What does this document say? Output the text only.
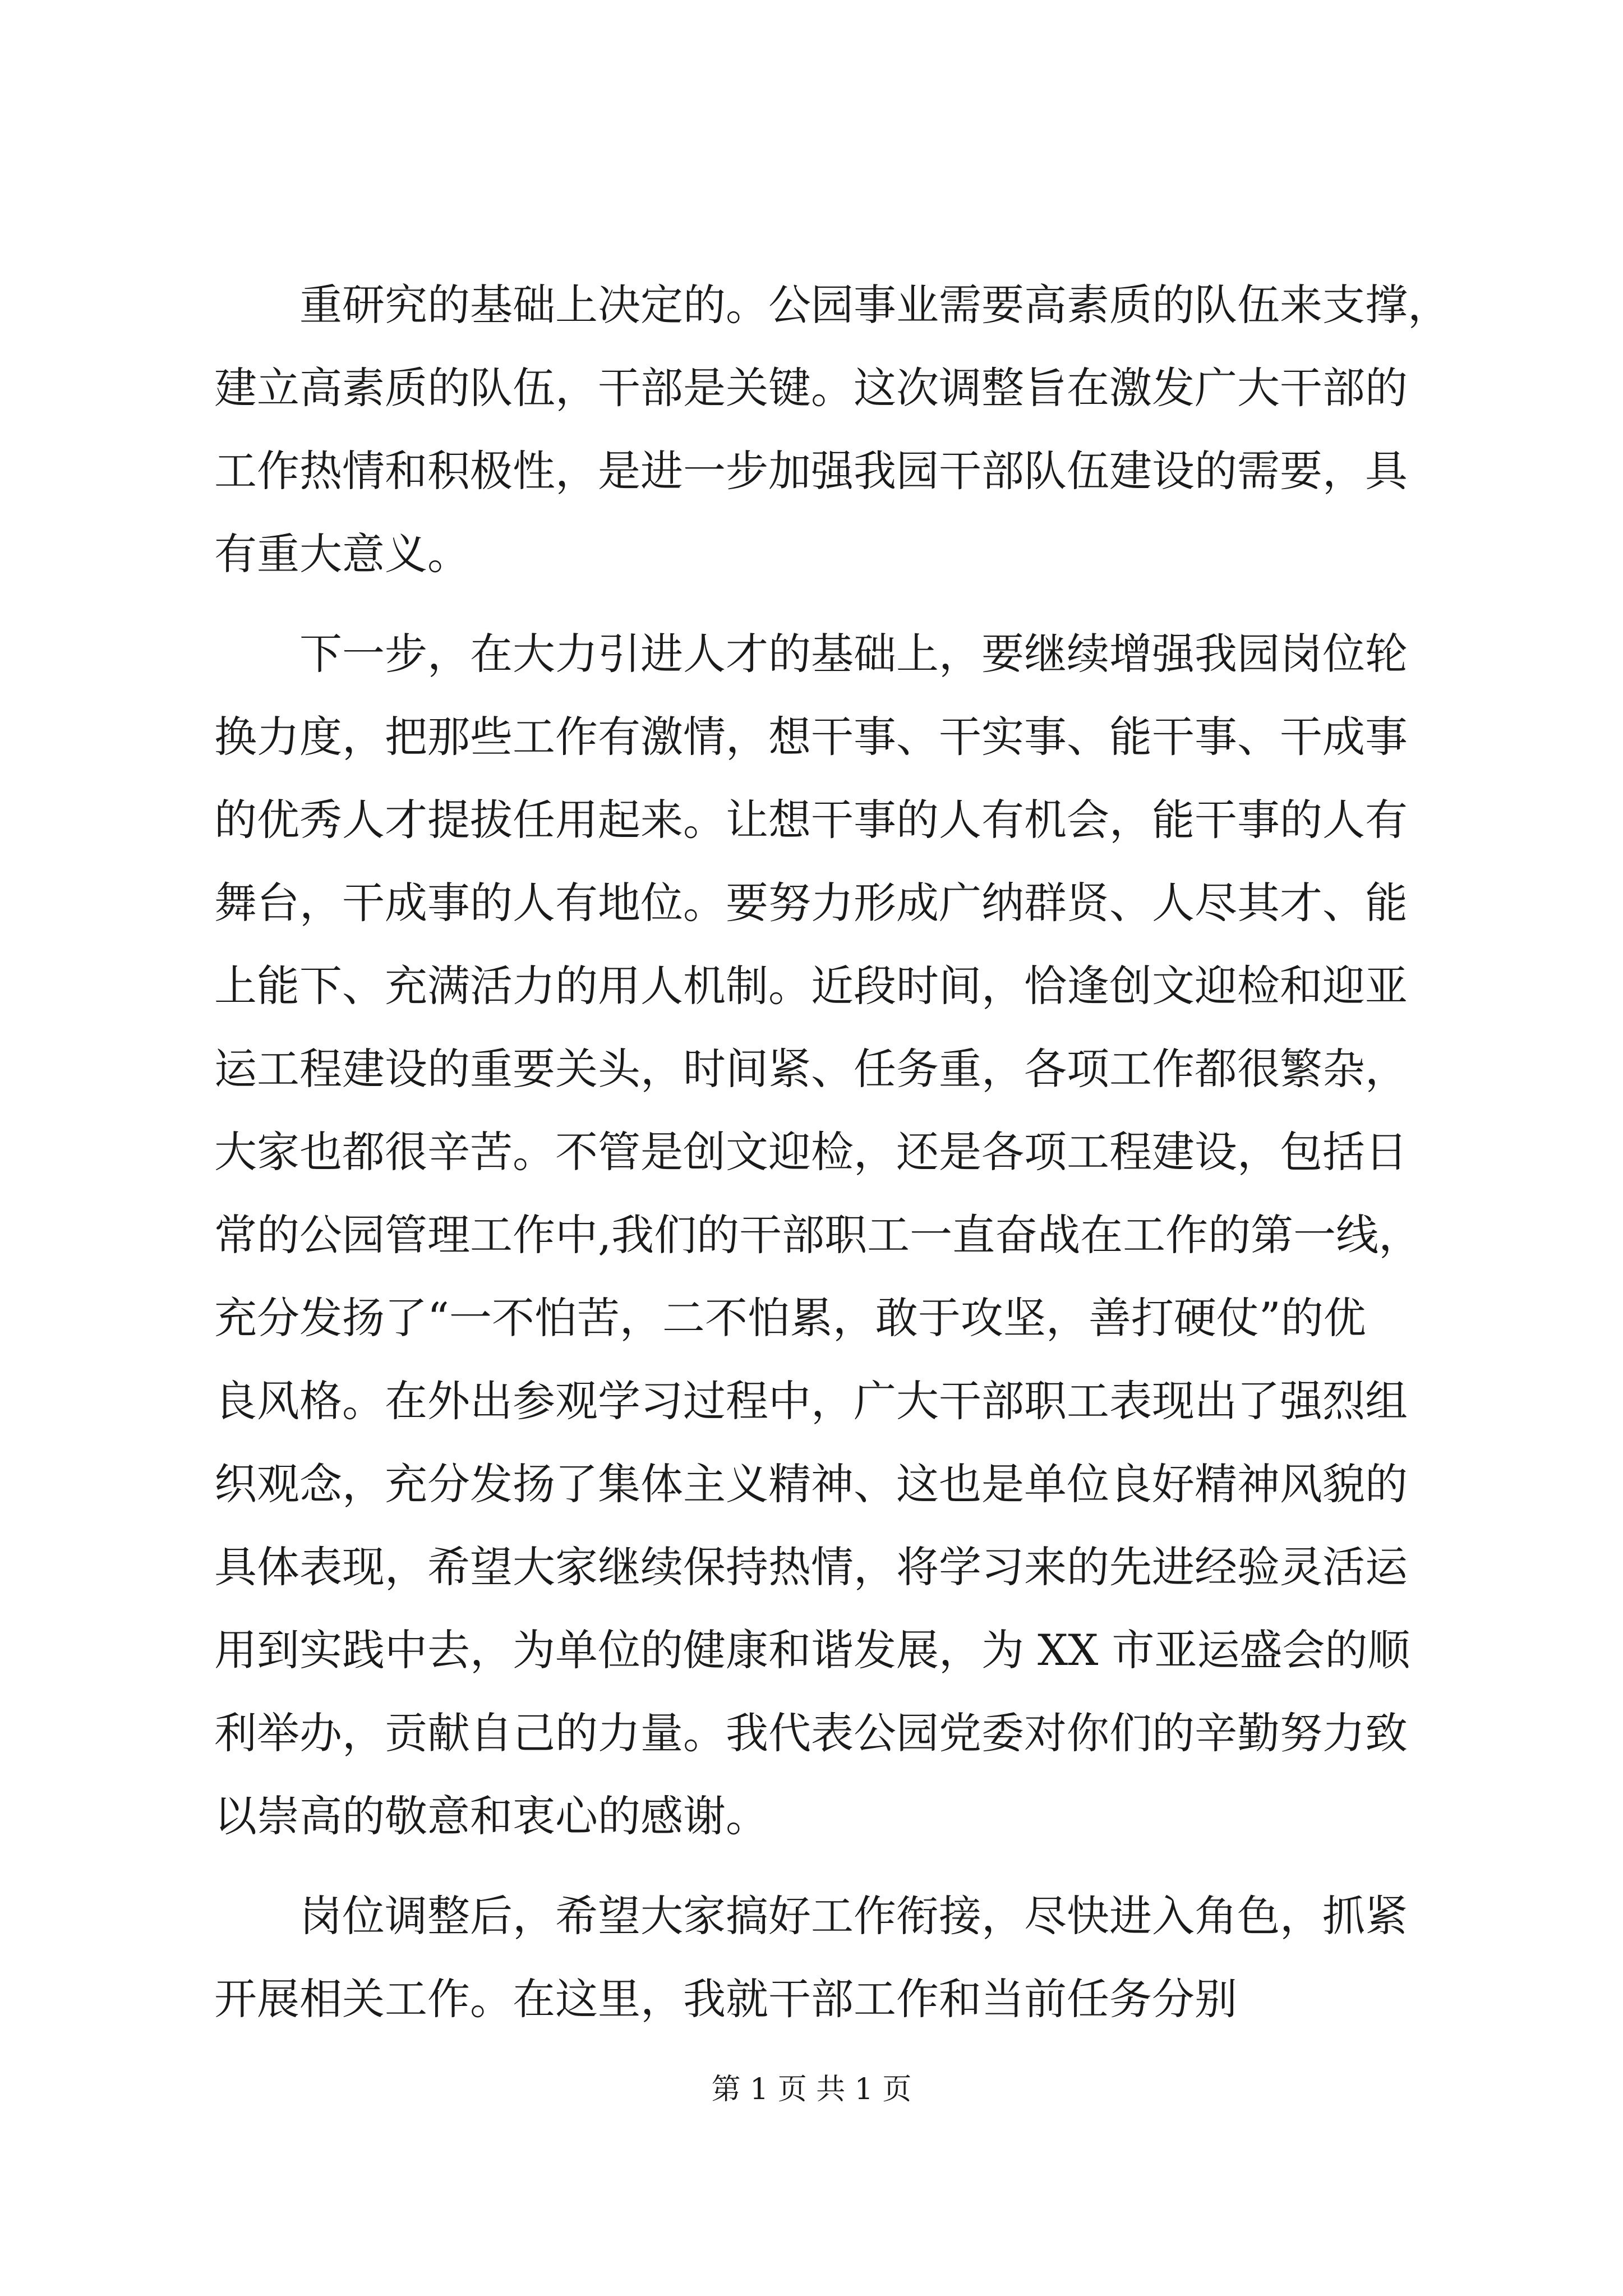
　　重研究的基础上决定的。公园事业需要高素质的队伍来支撑，
建立高素质的队伍，干部是关键。这次调整旨在激发广大干部的
工作热情和积极性，是进一步加强我园干部队伍建设的需要，具
有重大意义。
　　下一步，在大力引进人才的基础上，要继续增强我园岗位轮
换力度，把那些工作有激情，想干事、干实事、能干事、干成事
的优秀人才提拔任用起来。让想干事的人有机会，能干事的人有
舞台，干成事的人有地位。要努力形成广纳群贤、人尽其才、能
上能下、充满活力的用人机制。近段时间，恰逢创文迎检和迎亚
运工程建设的重要关头，时间紧、任务重，各项工作都很繁杂，
大家也都很辛苦。不管是创文迎检，还是各项工程建设，包括日
常的公园管理工作中,我们的干部职工一直奋战在工作的第一线，
充分发扬了“一不怕苦，二不怕累，敢于攻坚，善打硬仗”的优
良风格。在外出参观学习过程中，广大干部职工表现出了强烈组
织观念，充分发扬了集体主义精神、这也是单位良好精神风貌的
具体表现，希望大家继续保持热情，将学习来的先进经验灵活运
用到实践中去，为单位的健康和谐发展，为 XX 市亚运盛会的顺
利举办，贡献自己的力量。我代表公园党委对你们的辛勤努力致
以崇高的敬意和衷心的感谢。
　　岗位调整后，希望大家搞好工作衔接，尽快进入角色，抓紧
开展相关工作。在这里，我就干部工作和当前任务分别
第 1 页 共 1 页
